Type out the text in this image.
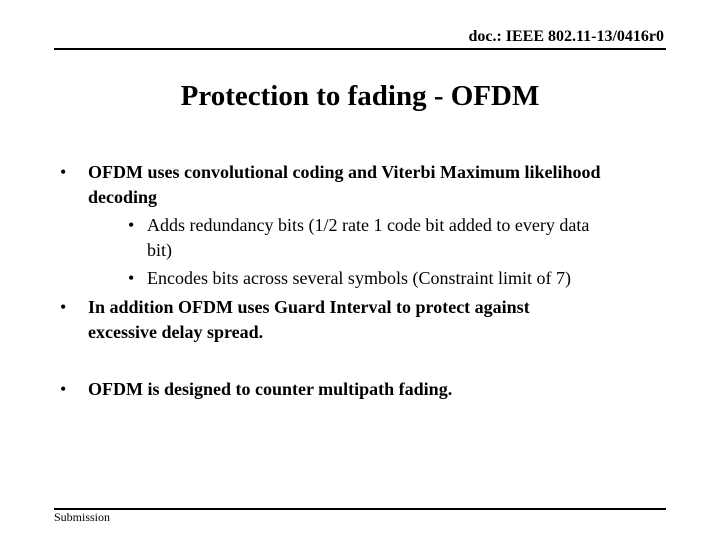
doc.: IEEE 802.11-13/0416r0
Protection to fading - OFDM
• OFDM uses convolutional coding and Viterbi Maximum likelihood
decoding
• Adds redundancy bits (1/2 rate 1 code bit added to every data
bit)
• Encodes bits across several symbols (Constraint limit of 7)
• In addition OFDM uses Guard Interval to protect against
excessive delay spread.
• OFDM is designed to counter multipath fading.
Submission
